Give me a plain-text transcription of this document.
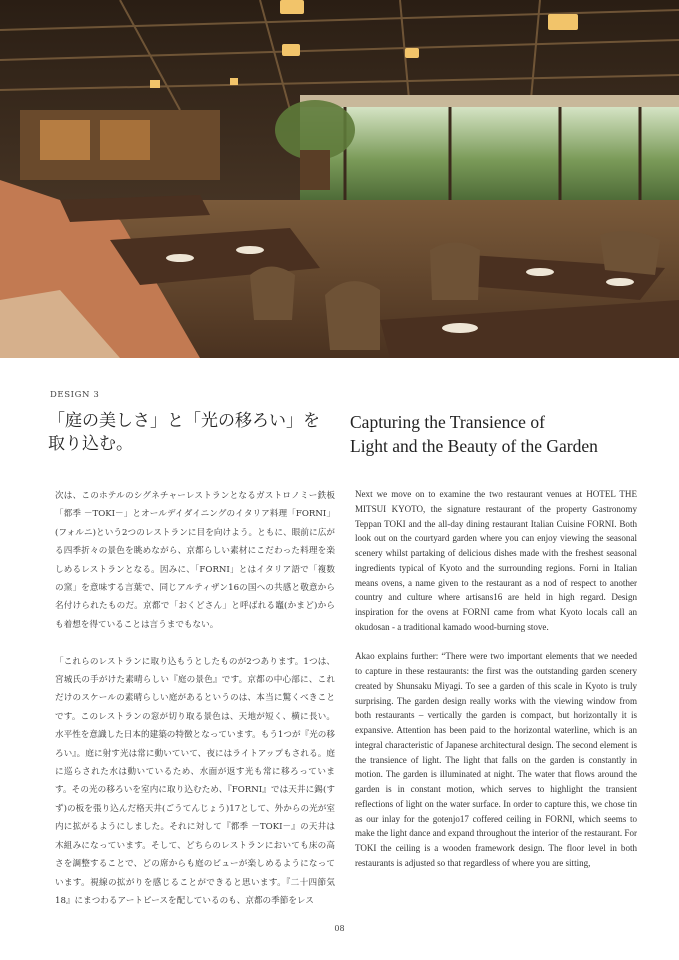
DESIGN 3
「庭の美しさ」と「光の移ろい」を取り込む。
Capturing the Transience of
Light and the Beauty of the Garden

次は、このホテルのシグネチャーレストランとなるガストロノミー鉄板「都季 －TOKI－」とオールデイダイニングのイタリア料理「FORNI」(フォルニ)という2つのレストランに目を向けよう。ともに、眼前に広がる四季折々の景色を眺めながら、京都らしい素材にこだわった料理を楽しめるレストランとなる。因みに、「FORNI」とはイタリア語で「複数の窯」を意味する言葉で、同じアルティザン16の国への共感と敬意から名付けられたものだ。京都で「おくどさん」と呼ばれる竈(かまど)からも着想を得ていることは言うまでもない。

「これらのレストランに取り込もうとしたものが2つあります。1つは、宮城氏の手がけた素晴らしい『庭の景色』です。京都の中心部に、これだけのスケールの素晴らしい庭があるというのは、本当に驚くべきことです。このレストランの窓が切り取る景色は、天地が短く、横に長い。水平性を意識した日本的建築の特徴となっています。もう1つが『光の移ろい』。庭に射す光は常に動いていて、夜にはライトアップもされる。庭に巡らされた水は動いているため、水面が返す光も常に移ろっています。その光の移ろいを室内に取り込むため、『FORNI』では天井に錫(すず)の板を張り込んだ格天井(ごうてんじょう)17として、外からの光が室内に拡がるようにしました。それに対して『都季 －TOKI－』の天井は木組みになっています。そして、どちらのレストランにおいても床の高さを調整することで、どの席からも庭のビューが楽しめるようになっています。視線の拡がりを感じることができると思います。『二十四節気18』にまつわるアートピースを配しているのも、京都の季節をレス

Next we move on to examine the two restaurant venues at HOTEL THE MITSUI KYOTO, the signature restaurant of the property Gastronomy Teppan TOKI and the all-day dining restaurant Italian Cuisine FORNI. Both look out on the courtyard garden where you can enjoy viewing the seasonal scenery whilst partaking of delicious dishes made with the freshest seasonal ingredients typical of Kyoto and the surrounding regions. Forni in Italian means ovens, a name given to the restaurant as a nod of respect to another country and culture where artisans16 are held in high regard. Design inspiration for the ovens at FORNI came from what Kyoto locals call an okudosan - a traditional kamado wood-burning stove.

Akao explains further: “There were two important elements that we needed to capture in these restaurants: the first was the outstanding garden scenery created by Shunsaku Miyagi. To see a garden of this scale in Kyoto is truly surprising. The garden design really works with the viewing window from both restaurants – vertically the garden is compact, but horizontally it is expansive. Attention has been paid to the horizontal waterline, which is an integral characteristic of Japanese architectural design. The second element is the transience of light. The light that falls on the garden is constantly in motion. The garden is illuminated at night. The water that flows around the garden is in constant motion, which serves to highlight the transient reflections of light on the water surface. In order to capture this, we chose tin as our inlay for the gotenjo17 coffered ceiling in FORNI, which seems to make the light dance and expand throughout the interior of the restaurant. For TOKI the ceiling is a wooden framework design. The floor level in both restaurants is adjusted so that regardless of where you are sitting,

08
